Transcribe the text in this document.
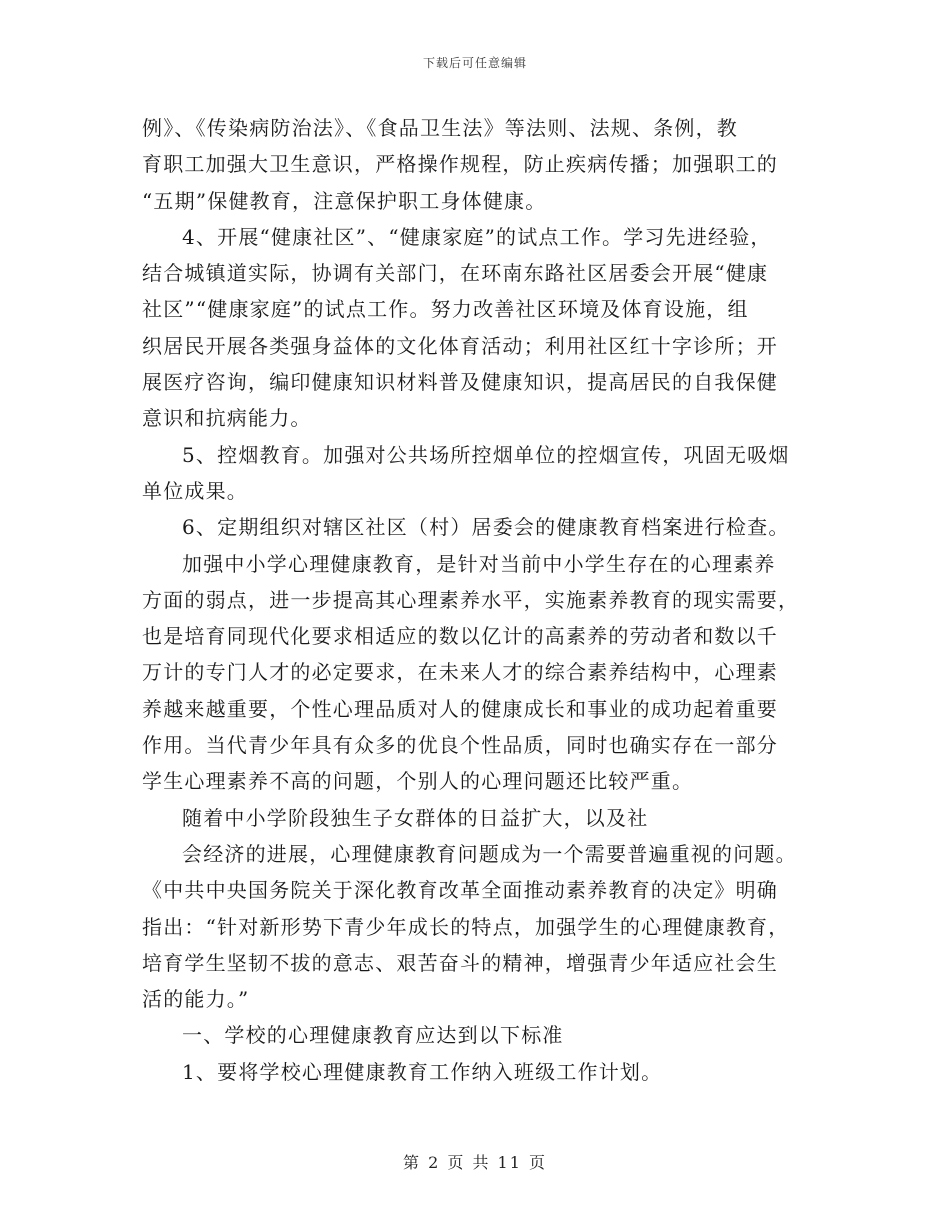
下载后可任意编辑
例》、《传染病防治法》、《食品卫生法》等法则、法规、条例，教
育职工加强大卫生意识，严格操作规程，防止疾病传播；加强职工的
“五期”保健教育，注意保护职工身体健康。
4、开展“健康社区”、“健康家庭”的试点工作。学习先进经验，
结合城镇道实际，协调有关部门，在环南东路社区居委会开展“健康
社区”“健康家庭”的试点工作。努力改善社区环境及体育设施，组
织居民开展各类强身益体的文化体育活动；利用社区红十字诊所；开
展医疗咨询，编印健康知识材料普及健康知识，提高居民的自我保健
意识和抗病能力。
5、控烟教育。加强对公共场所控烟单位的控烟宣传，巩固无吸烟
单位成果。
6、定期组织对辖区社区（村）居委会的健康教育档案进行检查。
加强中小学心理健康教育，是针对当前中小学生存在的心理素养
方面的弱点，进一步提高其心理素养水平，实施素养教育的现实需要，
也是培育同现代化要求相适应的数以亿计的高素养的劳动者和数以千
万计的专门人才的必定要求，在未来人才的综合素养结构中，心理素
养越来越重要，个性心理品质对人的健康成长和事业的成功起着重要
作用。当代青少年具有众多的优良个性品质，同时也确实存在一部分
学生心理素养不高的问题，个别人的心理问题还比较严重。
随着中小学阶段独生子女群体的日益扩大，以及社
会经济的进展，心理健康教育问题成为一个需要普遍重视的问题。
《中共中央国务院关于深化教育改革全面推动素养教育的决定》明确
指出：“针对新形势下青少年成长的特点，加强学生的心理健康教育，
培育学生坚韧不拔的意志、艰苦奋斗的精神，增强青少年适应社会生
活的能力。”
一、学校的心理健康教育应达到以下标准
1、要将学校心理健康教育工作纳入班级工作计划。
第 2 页 共 11 页
